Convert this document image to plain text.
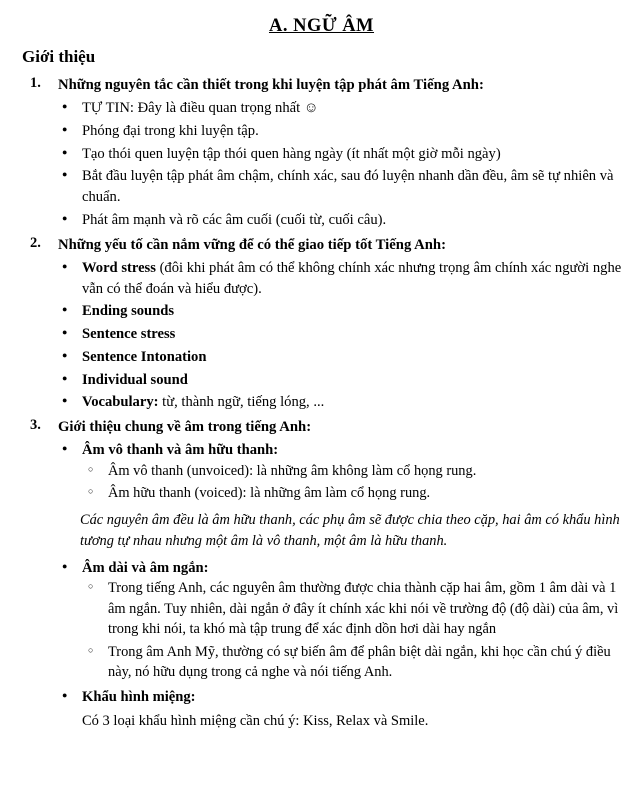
A. NGỮ ÂM
Giới thiệu
1. Những nguyên tắc cần thiết trong khi luyện tập phát âm Tiếng Anh:
● TỰ TIN: Đây là điều quan trọng nhất ☺
● Phóng đại trong khi luyện tập.
● Tạo thói quen luyện tập thói quen hàng ngày (ít nhất một giờ mỗi ngày)
● Bắt đầu luyện tập phát âm chậm, chính xác, sau đó luyện nhanh dần đều, âm sẽ tự nhiên và chuẩn.
● Phát âm mạnh và rõ các âm cuối (cuối từ, cuối câu).
2. Những yếu tố cần nắm vững để có thể giao tiếp tốt Tiếng Anh:
● Word stress (đôi khi phát âm có thể không chính xác nhưng trọng âm chính xác người nghe vẫn có thể đoán và hiểu được).
● Ending sounds
● Sentence stress
● Sentence Intonation
● Individual sound
● Vocabulary: từ, thành ngữ, tiếng lóng, ...
3. Giới thiệu chung về âm trong tiếng Anh:
● Âm vô thanh và âm hữu thanh:
○ Âm vô thanh (unvoiced): là những âm không làm cổ họng rung.
○ Âm hữu thanh (voiced): là những âm làm cổ họng rung.
Các nguyên âm đều là âm hữu thanh, các phụ âm sẽ được chia theo cặp, hai âm có khẩu hình tương tự nhau nhưng một âm là vô thanh, một âm là hữu thanh.
● Âm dài và âm ngắn:
○ Trong tiếng Anh, các nguyên âm thường được chia thành cặp hai âm, gồm 1 âm dài và 1 âm ngắn. Tuy nhiên, dài ngắn ở đây ít chính xác khi nói về trường độ (độ dài) của âm, vì trong khi nói, ta khó mà tập trung để xác định dồn hơi dài hay ngắn
○ Trong âm Anh Mỹ, thường có sự biến âm để phân biệt dài ngắn, khi học cần chú ý điều này, nó hữu dụng trong cả nghe và nói tiếng Anh.
● Khẩu hình miệng:
Có 3 loại khẩu hình miệng cần chú ý: Kiss, Relax và Smile.
